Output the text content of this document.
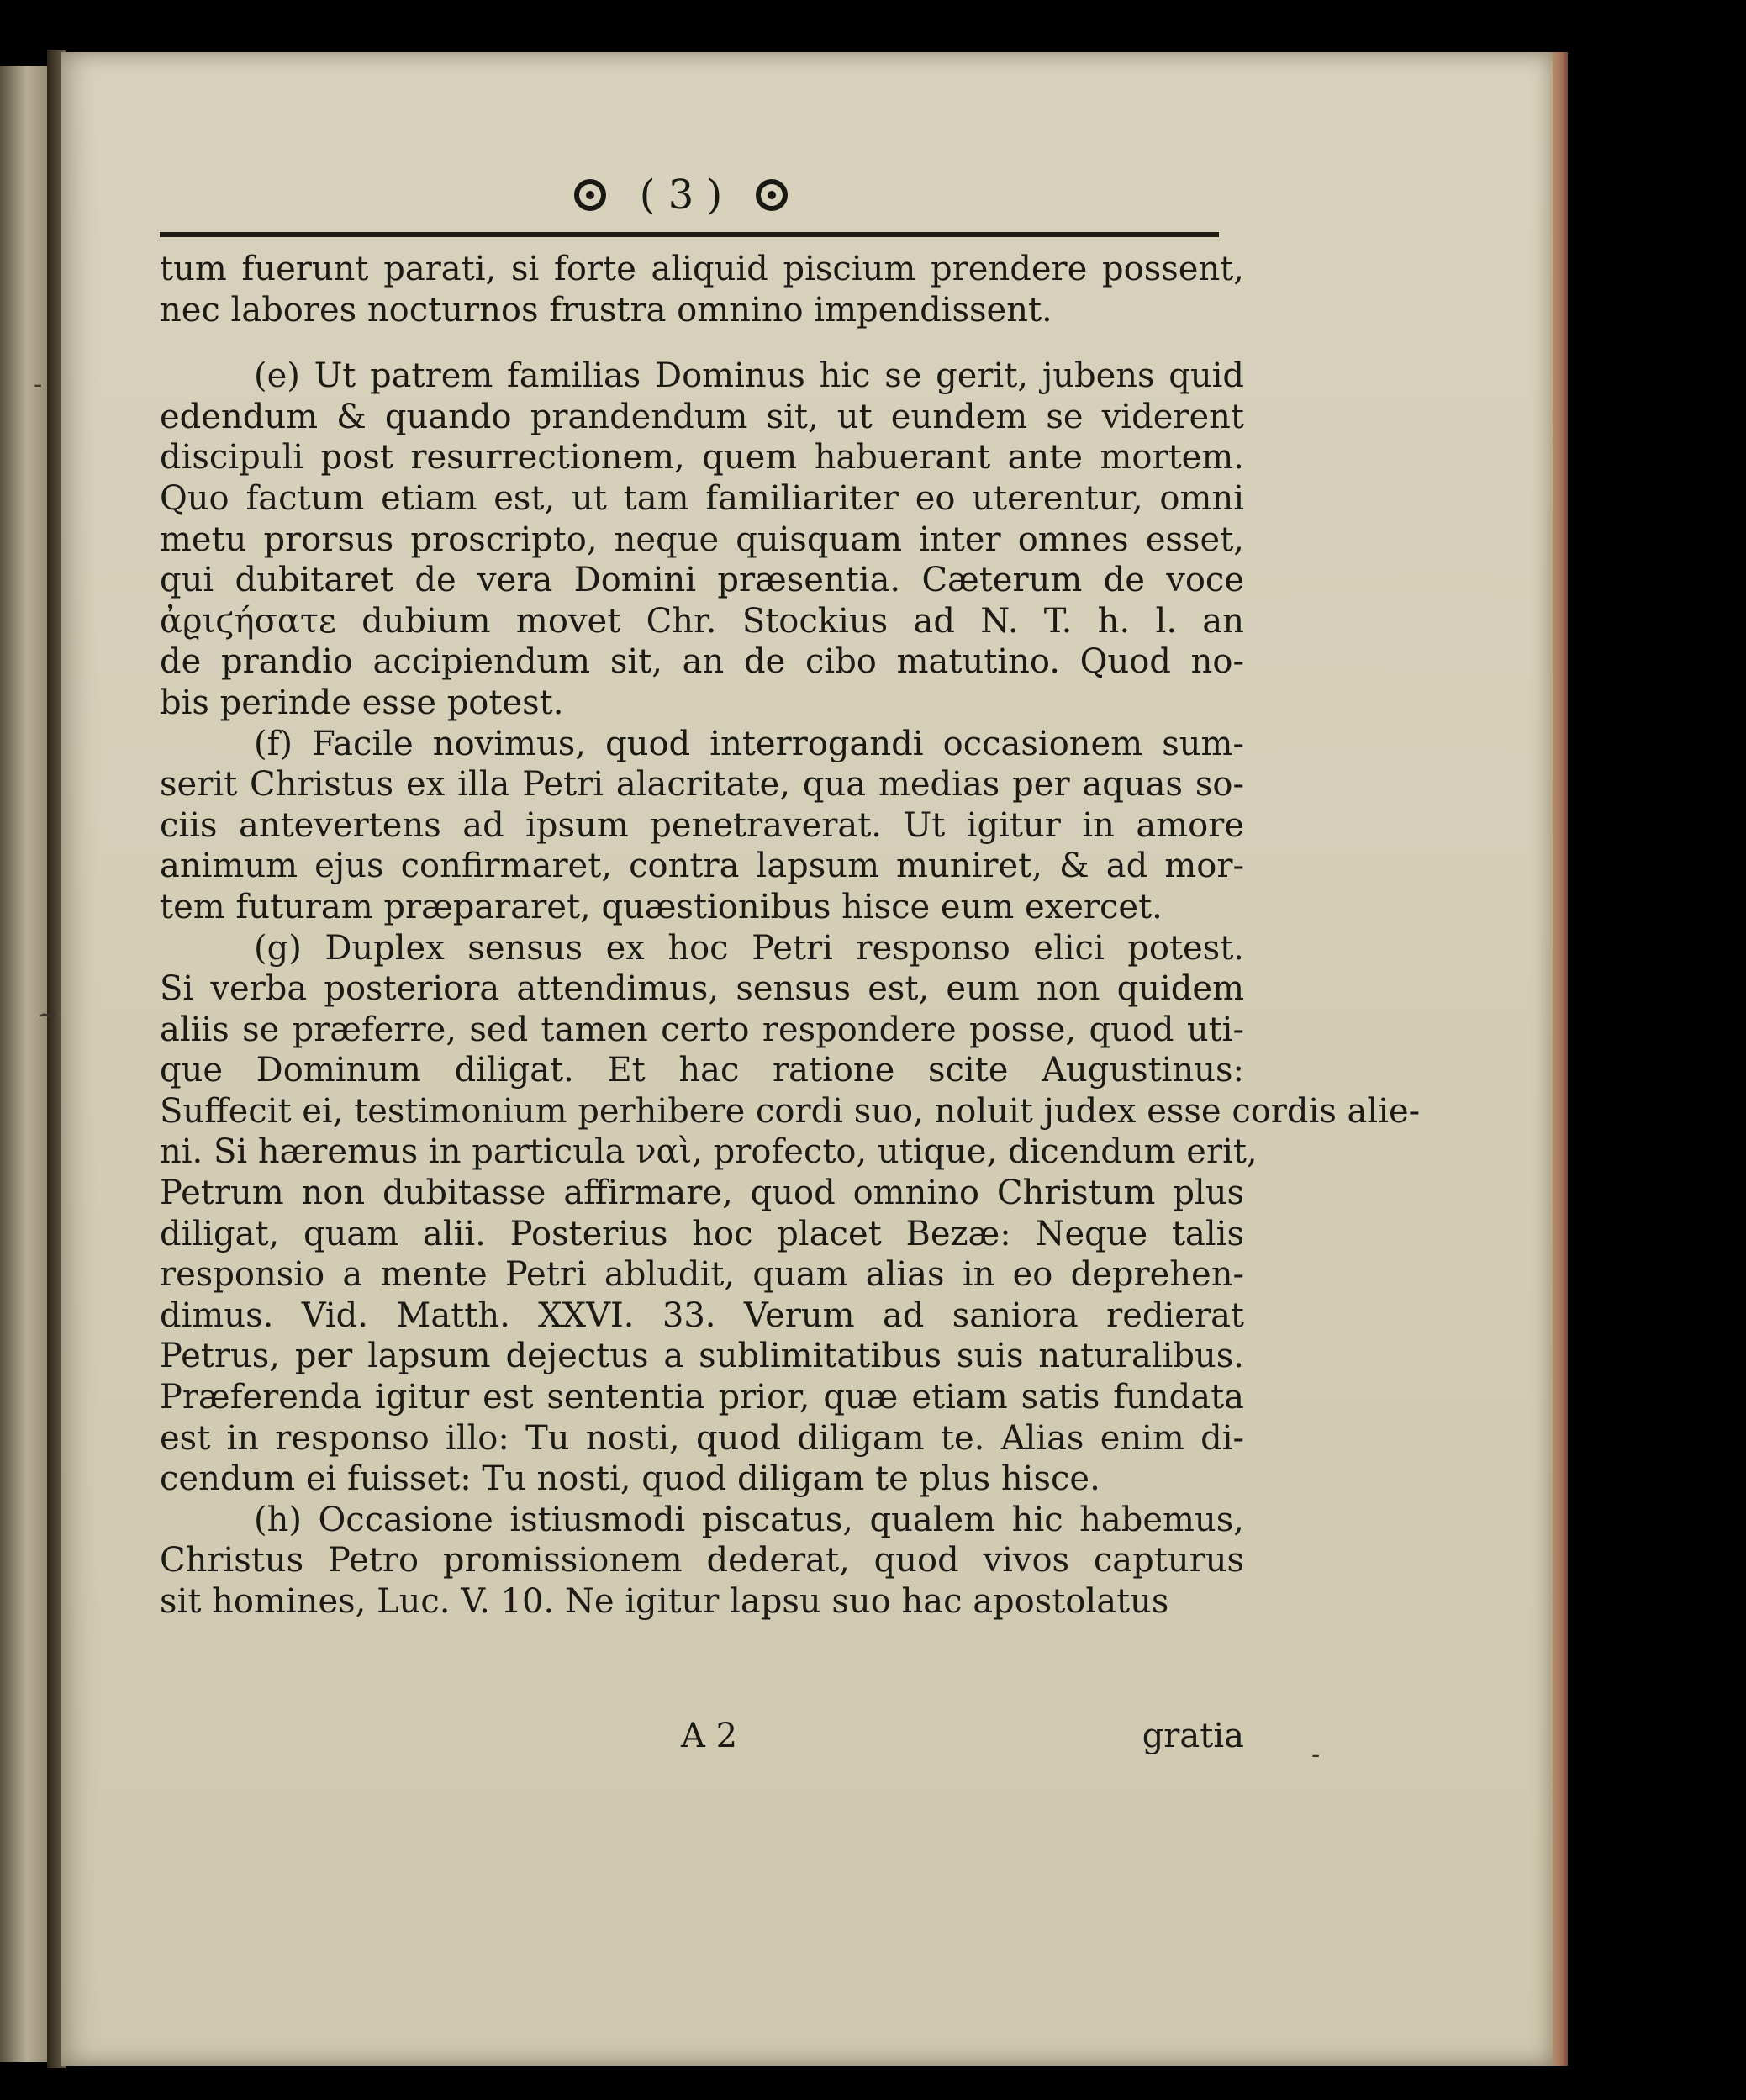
( 3 )
tum fuerunt parati, si forte aliquid piscium prendere possent,
nec labores nocturnos frustra omnino impendissent.
(e) Ut patrem familias Dominus hic se gerit, jubens quid
edendum & quando prandendum sit, ut eundem se viderent
discipuli post resurrectionem, quem habuerant ante mortem.
Quo factum etiam est, ut tam familiariter eo uterentur, omni
metu prorsus proscripto, neque quisquam inter omnes esset,
qui dubitaret de vera Domini præsentia. Cæterum de voce
ἀϱιϛήσατε dubium movet Chr. Stockius ad N. T. h. l. an
de prandio accipiendum sit, an de cibo matutino. Quod no-
bis perinde esse potest.
(f) Facile novimus, quod interrogandi occasionem sum-
serit Christus ex illa Petri alacritate, qua medias per aquas so-
ciis antevertens ad ipsum penetraverat. Ut igitur in amore
animum ejus confirmaret, contra lapsum muniret, & ad mor-
tem futuram præpararet, quæstionibus hisce eum exercet.
(g) Duplex sensus ex hoc Petri responso elici potest.
Si verba posteriora attendimus, sensus est, eum non quidem
aliis se præferre, sed tamen certo respondere posse, quod uti-
que Dominum diligat. Et hac ratione scite Augustinus:
Suffecit ei, testimonium perhibere cordi suo, noluit judex esse cordis alie-
ni. Si hæremus in particula ναὶ, profecto, utique, dicendum erit,
Petrum non dubitasse affirmare, quod omnino Christum plus
diligat, quam alii. Posterius hoc placet Bezæ: Neque talis
responsio a mente Petri abludit, quam alias in eo deprehen-
dimus. Vid. Matth. XXVI. 33. Verum ad saniora redierat
Petrus, per lapsum dejectus a sublimitatibus suis naturalibus.
Præferenda igitur est sententia prior, quæ etiam satis fundata
est in responso illo: Tu nosti, quod diligam te. Alias enim di-
cendum ei fuisset: Tu nosti, quod diligam te plus hisce.
(h) Occasione istiusmodi piscatus, qualem hic habemus,
Christus Petro promissionem dederat, quod vivos capturus
sit homines, Luc. V. 10. Ne igitur lapsu suo hac apostolatus
A 2	gratia
-
~
-
